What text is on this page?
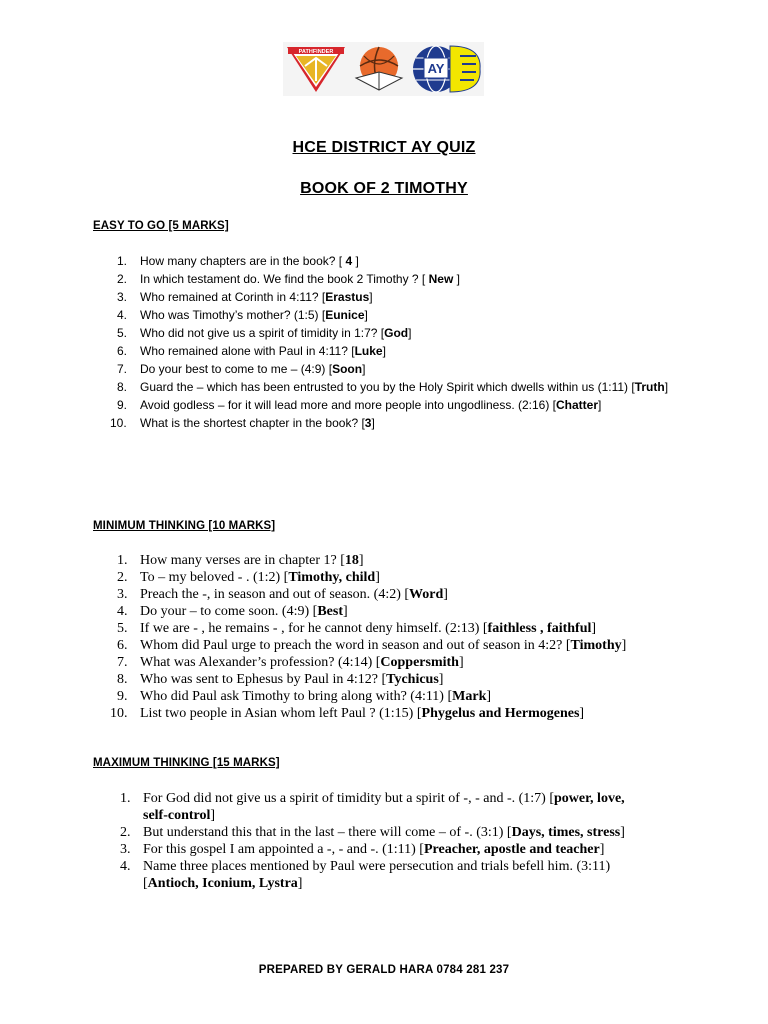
PATHFINDER
AY
HCE DISTRICT AY QUIZ
BOOK OF 2 TIMOTHY
EASY TO GO [5 MARKS]
1.	How many chapters are in the book? [ 4 ]
2.	In which testament do. We find the book 2 Timothy ? [ New ]
3.	Who remained at Corinth in 4:11? [Erastus]
4.	Who was Timothy’s mother? (1:5) [Eunice]
5.	Who did not give us a spirit of timidity in 1:7? [God]
6.	Who remained alone with Paul in 4:11? [Luke]
7.	Do your best to come to me – (4:9) [Soon]
8.	Guard the – which has been entrusted to you by the Holy Spirit which dwells within us (1:11) [Truth]
9.	Avoid godless – for it will lead more and more people into ungodliness. (2:16) [Chatter]
10. What is the shortest chapter in the book? [3]
MINIMUM THINKING [10 MARKS]
1. How many verses are in chapter 1? [18]
2. To – my beloved - . (1:2) [Timothy, child]
3. Preach the -, in season and out of season. (4:2) [Word]
4. Do your – to come soon. (4:9) [Best]
5. If we are - , he remains - , for he cannot deny himself. (2:13) [faithless , faithful]
6. Whom did Paul urge to preach the word in season and out of season in 4:2? [Timothy]
7. What was Alexander’s profession? (4:14) [Coppersmith]
8. Who was sent to Ephesus by Paul in 4:12? [Tychicus]
9. Who did Paul ask Timothy to bring along with? (4:11) [Mark]
10. List two people in Asian whom left Paul ? (1:15) [Phygelus and Hermogenes]
MAXIMUM THINKING [15 MARKS]
1. For God did not give us a spirit of timidity but a spirit of -, - and -. (1:7) [power, love, self-control]
2. But understand this that in the last – there will come – of -. (3:1) [Days, times, stress]
3. For this gospel I am appointed a -, - and -. (1:11) [Preacher, apostle and teacher]
4. Name three places mentioned by Paul were persecution and trials befell him. (3:11) [Antioch, Iconium, Lystra]
PREPARED BY GERALD HARA 0784 281 237
